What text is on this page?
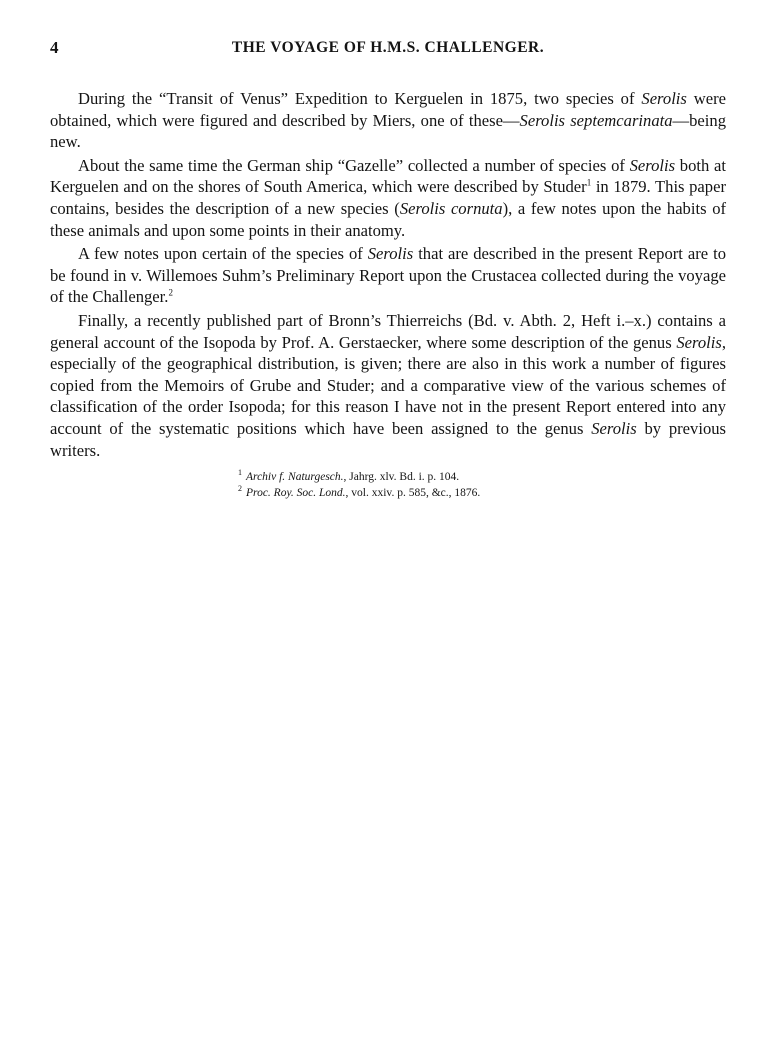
4	THE VOYAGE OF H.M.S. CHALLENGER.

During the “Transit of Venus” Expedition to Kerguelen in 1875, two species of Serolis were obtained, which were figured and described by Miers, one of these—Serolis septemcarinata—being new.

About the same time the German ship “Gazelle” collected a number of species of Serolis both at Kerguelen and on the shores of South America, which were described by Studer$^1$ in 1879. This paper contains, besides the description of a new species (Serolis cornuta), a few notes upon the habits of these animals and upon some points in their anatomy.

A few notes upon certain of the species of Serolis that are described in the present Report are to be found in v. Willemoes Suhm’s Preliminary Report upon the Crustacea collected during the voyage of the Challenger.$^2$

Finally, a recently published part of Bronn’s Thierreichs (Bd. v. Abth. 2, Heft i.–x.) contains a general account of the Isopoda by Prof. A. Gerstaecker, where some description of the genus Serolis, especially of the geographical distribution, is given; there are also in this work a number of figures copied from the Memoirs of Grube and Studer; and a comparative view of the various schemes of classification of the order Isopoda; for this reason I have not in the present Report entered into any account of the systematic positions which have been assigned to the genus Serolis by previous writers.

$^1$ Archiv f. Naturgesch., Jahrg. xlv. Bd. i. p. 104.
$^2$ Proc. Roy. Soc. Lond., vol. xxiv. p. 585, &c., 1876.
